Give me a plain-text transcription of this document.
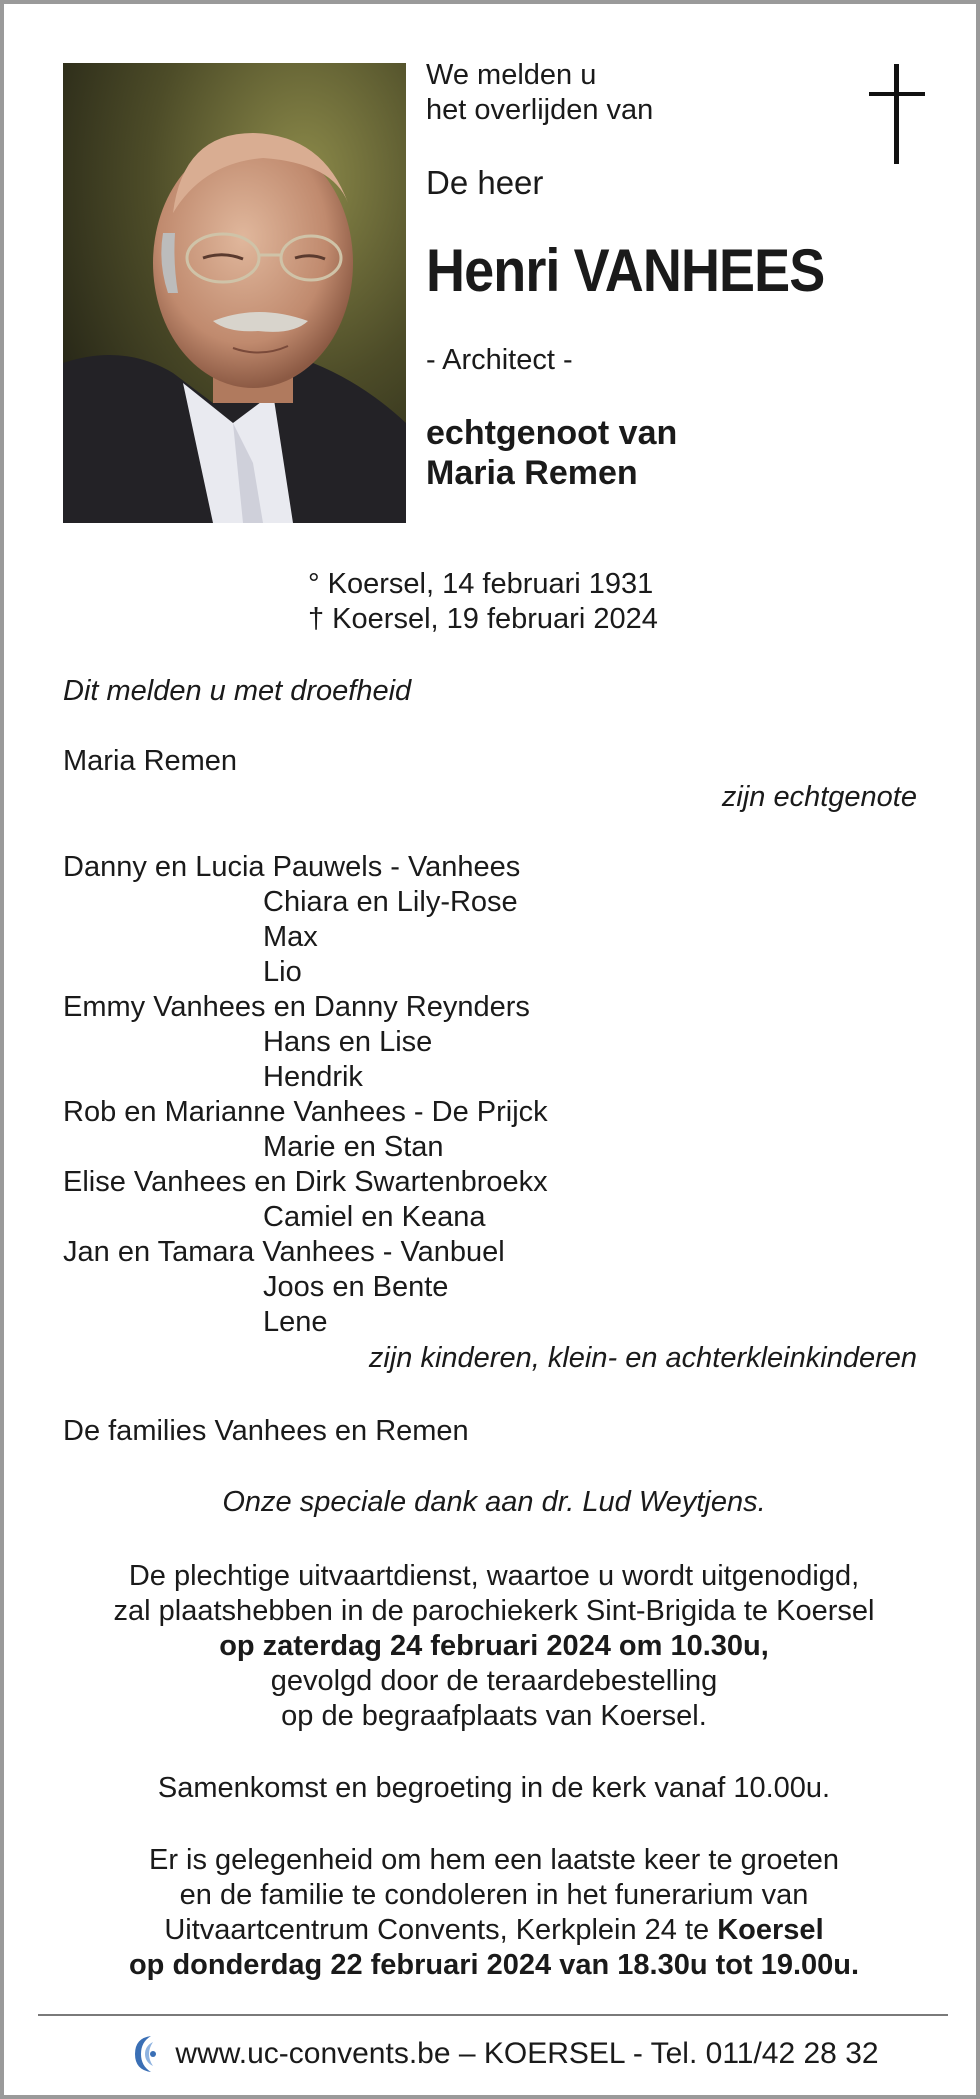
We melden u
het overlijden van
De heer
Henri VANHEES
- Architect -
echtgenoot van
Maria Remen
° Koersel, 14 februari 1931
† Koersel, 19 februari 2024
Dit melden u met droefheid
Maria Remen
zijn echtgenote
Danny en Lucia Pauwels - Vanhees
Chiara en Lily-Rose
Max
Lio
Emmy Vanhees en Danny Reynders
Hans en Lise
Hendrik
Rob en Marianne Vanhees - De Prijck
Marie en Stan
Elise Vanhees en Dirk Swartenbroekx
Camiel en Keana
Jan en Tamara Vanhees - Vanbuel
Joos en Bente
Lene
zijn kinderen, klein- en achterkleinkinderen
De families Vanhees en Remen
Onze speciale dank aan dr. Lud Weytjens.
De plechtige uitvaartdienst, waartoe u wordt uitgenodigd,
zal plaatshebben in de parochiekerk Sint-Brigida te Koersel
op zaterdag 24 februari 2024 om 10.30u,
gevolgd door de teraardebestelling
op de begraafplaats van Koersel.
Samenkomst en begroeting in de kerk vanaf 10.00u.
Er is gelegenheid om hem een laatste keer te groeten
en de familie te condoleren in het funerarium van
Uitvaartcentrum Convents, Kerkplein 24 te Koersel
op donderdag 22 februari 2024 van 18.30u tot 19.00u.
www.uc-convents.be – KOERSEL - Tel. 011/42 28 32
